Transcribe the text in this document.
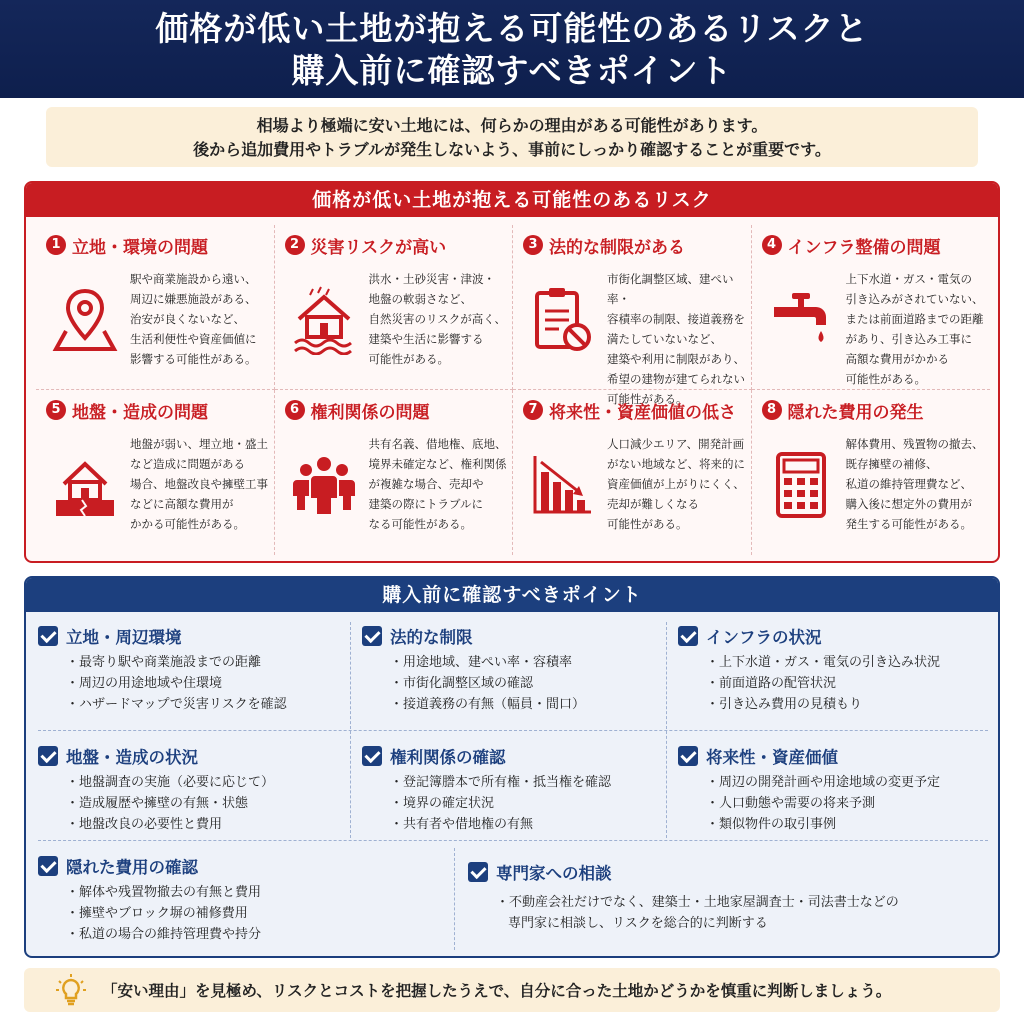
価格が低い土地が抱える可能性のあるリスクと
購入前に確認すべきポイント
相場より極端に安い土地には、何らかの理由がある可能性があります。
後から追加費用やトラブルが発生しないよう、事前にしっかり確認することが重要です。
価格が低い土地が抱える可能性のあるリスク
1 立地・環境の問題
駅や商業施設から遠い、
周辺に嫌悪施設がある、
治安が良くないなど、
生活利便性や資産価値に
影響する可能性がある。
2 災害リスクが高い
洪水・土砂災害・津波・
地盤の軟弱さなど、
自然災害のリスクが高く、
建築や生活に影響する
可能性がある。
3 法的な制限がある
市街化調整区域、建ぺい率・
容積率の制限、接道義務を
満たしていないなど、
建築や利用に制限があり、
希望の建物が建てられない
可能性がある。
4 インフラ整備の問題
上下水道・ガス・電気の
引き込みがされていない、
または前面道路までの距離
があり、引き込み工事に
高額な費用がかかる
可能性がある。
5 地盤・造成の問題
地盤が弱い、埋立地・盛土
など造成に問題がある
場合、地盤改良や擁壁工事
などに高額な費用が
かかる可能性がある。
6 権利関係の問題
共有名義、借地権、底地、
境界未確定など、権利関係
が複雑な場合、売却や
建築の際にトラブルに
なる可能性がある。
7 将来性・資産価値の低さ
人口減少エリア、開発計画
がない地域など、将来的に
資産価値が上がりにくく、
売却が難しくなる
可能性がある。
8 隠れた費用の発生
解体費用、残置物の撤去、
既存擁壁の補修、
私道の維持管理費など、
購入後に想定外の費用が
発生する可能性がある。
購入前に確認すべきポイント
立地・周辺環境
・ 最寄り駅や商業施設までの距離
・ 周辺の用途地域や住環境
・ ハザードマップで災害リスクを確認
法的な制限
・ 用途地域、建ぺい率・容積率
・ 市街化調整区域の確認
・ 接道義務の有無（幅員・間口）
インフラの状況
・ 上下水道・ガス・電気の引き込み状況
・ 前面道路の配管状況
・ 引き込み費用の見積もり
地盤・造成の状況
・ 地盤調査の実施（必要に応じて）
・ 造成履歴や擁壁の有無・状態
・ 地盤改良の必要性と費用
権利関係の確認
・ 登記簿謄本で所有権・抵当権を確認
・ 境界の確定状況
・ 共有者や借地権の有無
将来性・資産価値
・ 周辺の開発計画や用途地域の変更予定
・ 人口動態や需要の将来予測
・ 類似物件の取引事例
隠れた費用の確認
・ 解体や残置物撤去の有無と費用
・ 擁壁やブロック塀の補修費用
・ 私道の場合の維持管理費や持分
専門家への相談
・不動産会社だけでなく、建築士・土地家屋調査士・司法書士などの
専門家に相談し、リスクを総合的に判断する
「安い理由」を見極め、リスクとコストを把握したうえで、自分に合った土地かどうかを慎重に判断しましょう。
